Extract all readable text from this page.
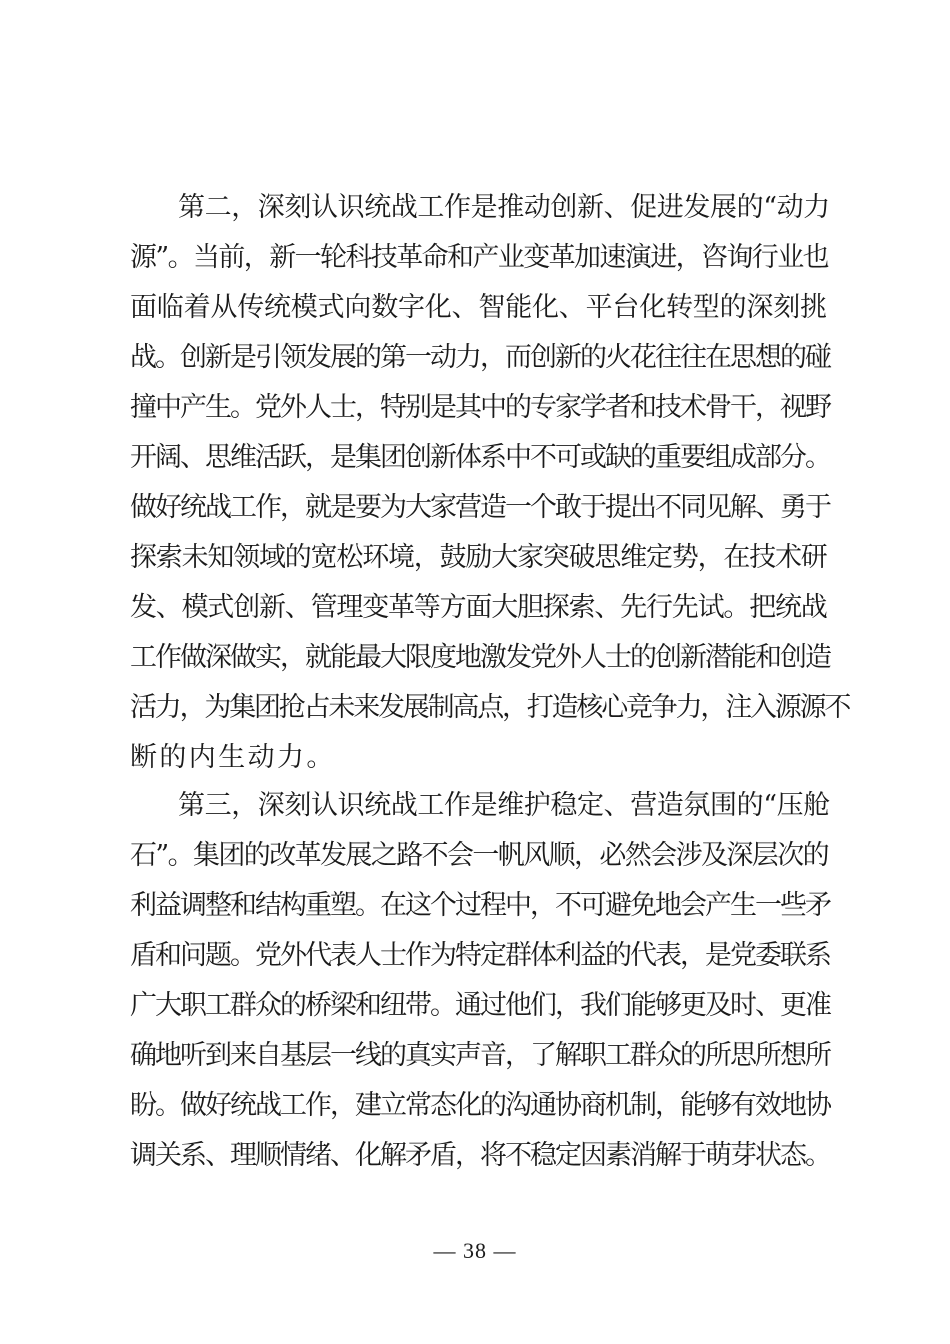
第二，深刻认识统战工作是推动创新、促进发展的“动力
源”。当前，新一轮科技革命和产业变革加速演进，咨询行业也
面临着从传统模式向数字化、智能化、平台化转型的深刻挑
战。创新是引领发展的第一动力，而创新的火花往往在思想的碰
撞中产生。党外人士，特别是其中的专家学者和技术骨干，视野
开阔、思维活跃，是集团创新体系中不可或缺的重要组成部分。
做好统战工作，就是要为大家营造一个敢于提出不同见解、勇于
探索未知领域的宽松环境，鼓励大家突破思维定势，在技术研
发、模式创新、管理变革等方面大胆探索、先行先试。把统战
工作做深做实，就能最大限度地激发党外人士的创新潜能和创造
活力，为集团抢占未来发展制高点，打造核心竞争力，注入源源不
断的内生动力。
第三，深刻认识统战工作是维护稳定、营造氛围的“压舱
石”。集团的改革发展之路不会一帆风顺，必然会涉及深层次的
利益调整和结构重塑。在这个过程中，不可避免地会产生一些矛
盾和问题。党外代表人士作为特定群体利益的代表，是党委联系
广大职工群众的桥梁和纽带。通过他们，我们能够更及时、更准
确地听到来自基层一线的真实声音，了解职工群众的所思所想所
盼。做好统战工作，建立常态化的沟通协商机制，能够有效地协
调关系、理顺情绪、化解矛盾，将不稳定因素消解于萌芽状态。
— 38 —
